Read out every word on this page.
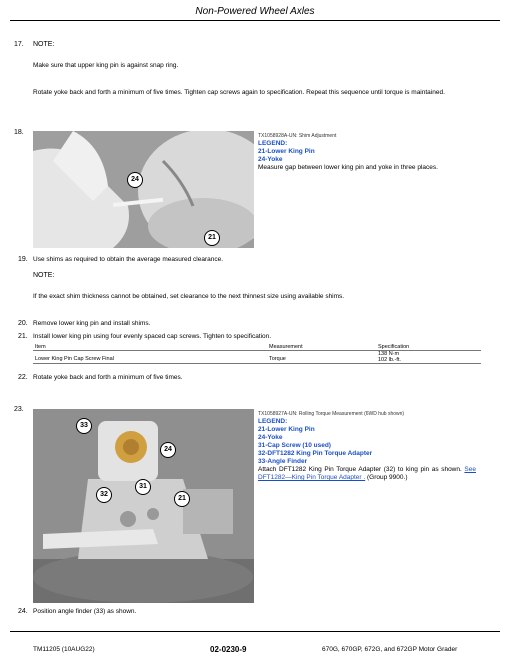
Non-Powered Wheel Axles
17. NOTE:
Make sure that upper king pin is against snap ring.
Rotate yoke back and forth a minimum of five times. Tighten cap screws again to specification. Repeat this sequence until torque is maintained.
18.
24
21
TX1058928A-UN: Shim Adjustment
LEGEND:
21-Lower King Pin
24-Yoke
Measure gap between lower king pin and yoke in three places.
19. Use shims as required to obtain the average measured clearance.
NOTE:
If the exact shim thickness cannot be obtained, set clearance to the next thinnest size using available shims.
20. Remove lower king pin and install shims.
21. Install lower king pin using four evenly spaced cap screws. Tighten to specification.
Item	Measurement	Specification
Lower King Pin Cap Screw Final	Torque	138 N·m
102 lb.-ft.
22. Rotate yoke back and forth a minimum of five times.
23.
33
24
31
32
21
TX1058927A-UN: Rolling Torque Measurement (6WD hub shown)
LEGEND:
21-Lower King Pin
24-Yoke
31-Cap Screw (10 used)
32-DFT1282 King Pin Torque Adapter
33-Angle Finder
Attach DFT1282 King Pin Torque Adapter (32) to king pin as shown. See DFT1282—King Pin Torque Adapter . (Group 9900.)
24. Position angle finder (33) as shown.
TM11205 (10AUG22)	02-0230-9	670G, 670GP, 672G, and 672GP Motor Grader
